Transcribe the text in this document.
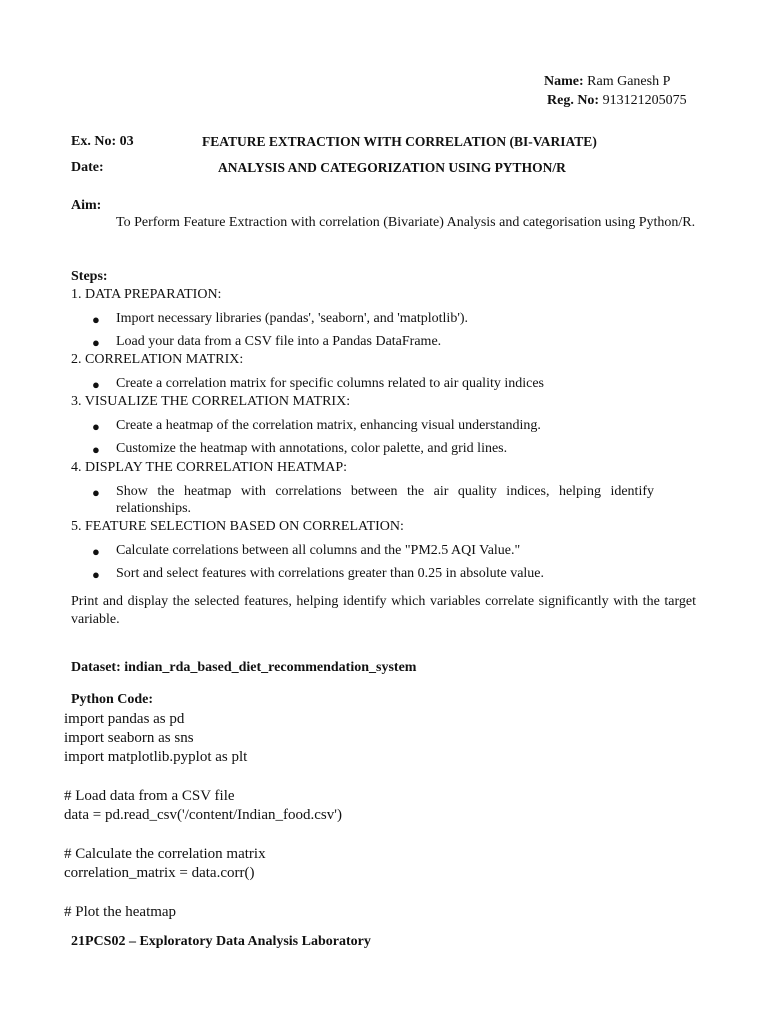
Name: Ram Ganesh P
Reg. No: 913121205075
Ex. No: 03	FEATURE EXTRACTION WITH CORRELATION (BI-VARIATE)
Date:	ANALYSIS AND CATEGORIZATION USING PYTHON/R
Aim:
To Perform Feature Extraction with correlation (Bivariate) Analysis and categorisation using Python/R.
Steps:
1. DATA PREPARATION:
● Import necessary libraries (pandas', 'seaborn', and 'matplotlib').
● Load your data from a CSV file into a Pandas DataFrame.
2. CORRELATION MATRIX:
● Create a correlation matrix for specific columns related to air quality indices
3. VISUALIZE THE CORRELATION MATRIX:
● Create a heatmap of the correlation matrix, enhancing visual understanding.
● Customize the heatmap with annotations, color palette, and grid lines.
4. DISPLAY THE CORRELATION HEATMAP:
● Show the heatmap with correlations between the air quality indices, helping identify relationships.
5. FEATURE SELECTION BASED ON CORRELATION:
● Calculate correlations between all columns and the "PM2.5 AQI Value."
● Sort and select features with correlations greater than 0.25 in absolute value.
Print and display the selected features, helping identify which variables correlate significantly with the target variable.
Dataset: indian_rda_based_diet_recommendation_system
Python Code:
import pandas as pd
import seaborn as sns
import matplotlib.pyplot as plt
# Load data from a CSV file
data = pd.read_csv('/content/Indian_food.csv')
# Calculate the correlation matrix
correlation_matrix = data.corr()
# Plot the heatmap
21PCS02 – Exploratory Data Analysis Laboratory
